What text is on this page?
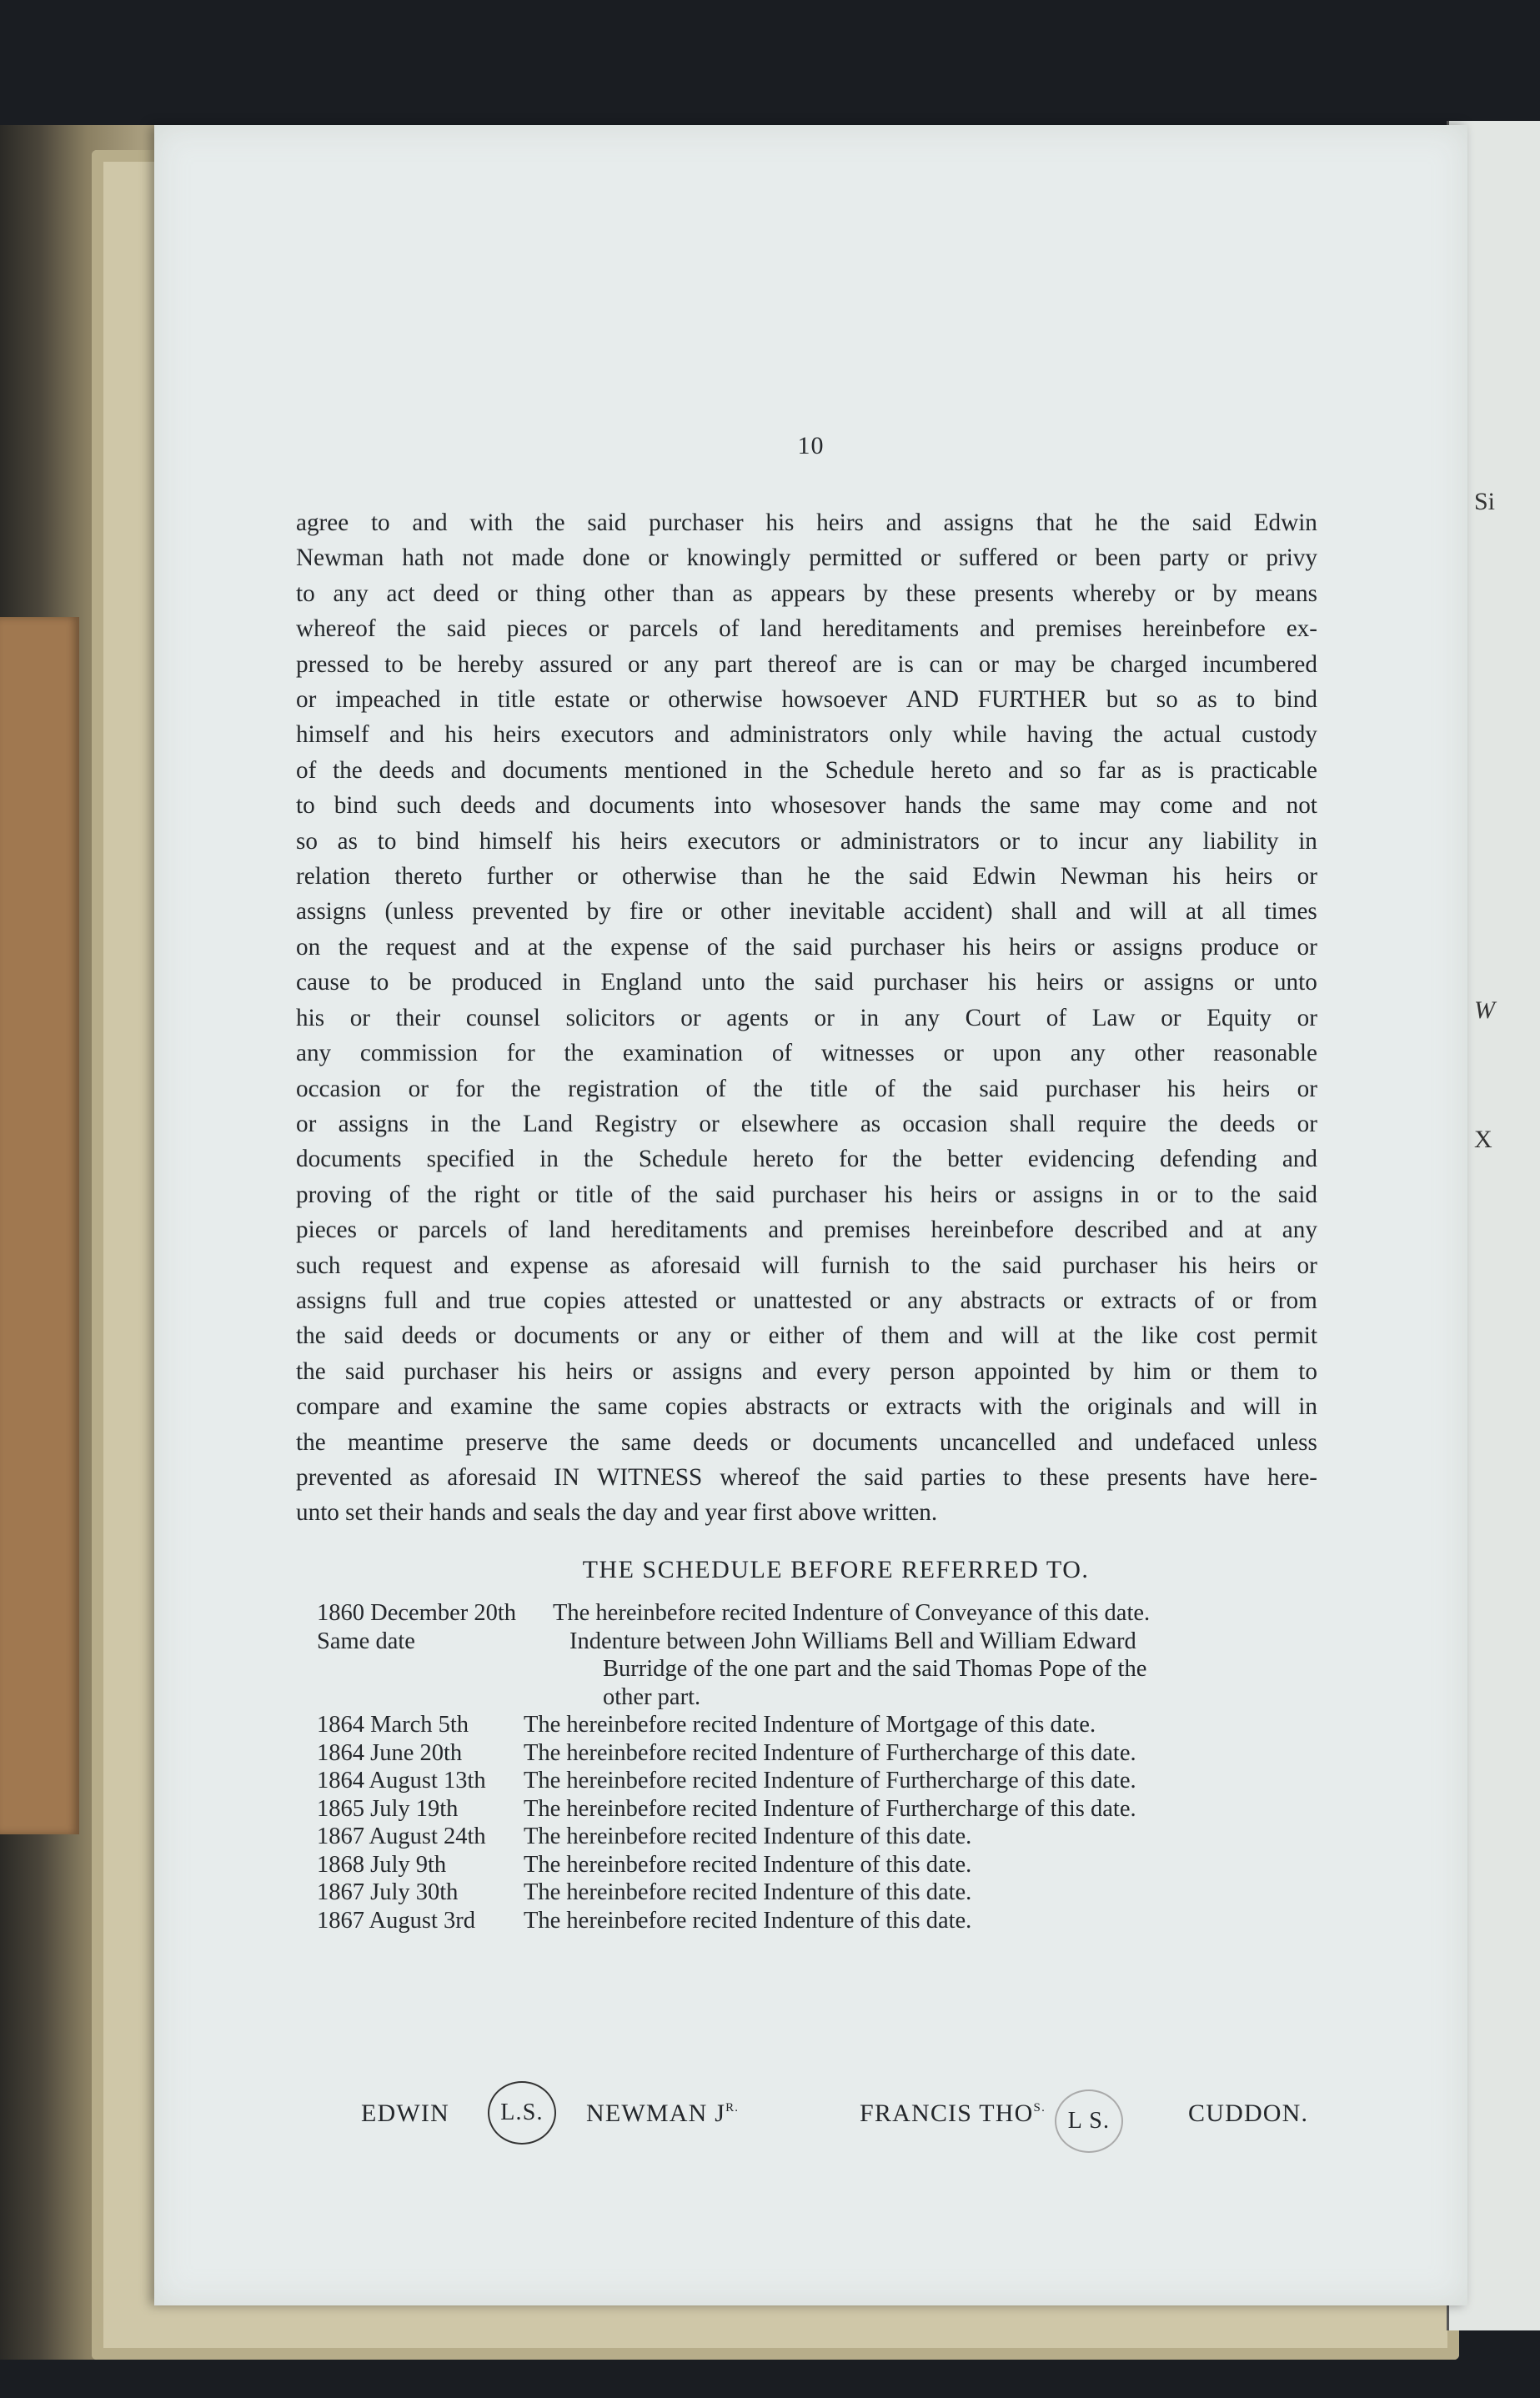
Si
W
X
10
agree to and with the said purchaser his heirs and assigns that he the said Edwin
Newman hath not made done or knowingly permitted or suffered or been party or privy
to any act deed or thing other than as appears by these presents whereby or by means
whereof the said pieces or parcels of land hereditaments and premises hereinbefore ex-
pressed to be hereby assured or any part thereof are is can or may be charged incumbered
or impeached in title estate or otherwise howsoever AND FURTHER but so as to bind
himself and his heirs executors and administrators only while having the actual custody
of the deeds and documents mentioned in the Schedule hereto and so far as is practicable
to bind such deeds and documents into whosesover hands the same may come and not
so as to bind himself his heirs executors or administrators or to incur any liability in
relation thereto further or otherwise than he the said Edwin Newman his heirs or
assigns (unless prevented by fire or other inevitable accident) shall and will at all times
on the request and at the expense of the said purchaser his heirs or assigns produce or
cause to be produced in England unto the said purchaser his heirs or assigns or unto
his or their counsel solicitors or agents or in any Court of Law or Equity or
any commission for the examination of witnesses or upon any other reasonable
occasion or for the registration of the title of the said purchaser his heirs or
or assigns in the Land Registry or elsewhere as occasion shall require the deeds or
documents specified in the Schedule hereto for the better evidencing defending and
proving of the right or title of the said purchaser his heirs or assigns in or to the said
pieces or parcels of land hereditaments and premises hereinbefore described and at any
such request and expense as aforesaid will furnish to the said purchaser his heirs or
assigns full and true copies attested or unattested or any abstracts or extracts of or from
the said deeds or documents or any or either of them and will at the like cost permit
the said purchaser his heirs or assigns and every person appointed by him or them to
compare and examine the same copies abstracts or extracts with the originals and will in
the meantime preserve the same deeds or documents uncancelled and undefaced unless
prevented as aforesaid IN WITNESS whereof the said parties to these presents have here-
unto set their hands and seals the day and year first above written.
THE SCHEDULE BEFORE REFERRED TO.
1860 December 20th	The hereinbefore recited Indenture of Conveyance of this date.
Same date	Indenture between John Williams Bell and William Edward
Burridge of the one part and the said Thomas Pope of the
other part.
1864 March 5th	The hereinbefore recited Indenture of Mortgage of this date.
1864 June 20th	The hereinbefore recited Indenture of Furthercharge of this date.
1864 August 13th	The hereinbefore recited Indenture of Furthercharge of this date.
1865 July 19th	The hereinbefore recited Indenture of Furthercharge of this date.
1867 August 24th	The hereinbefore recited Indenture of this date.
1868 July 9th	The hereinbefore recited Indenture of this date.
1867 July 30th	The hereinbefore recited Indenture of this date.
1867 August 3rd	The hereinbefore recited Indenture of this date.
EDWIN L.S. NEWMAN $J^{R.}$	FRANCIS $THO^{S.}$ L S.	CUDDON.
